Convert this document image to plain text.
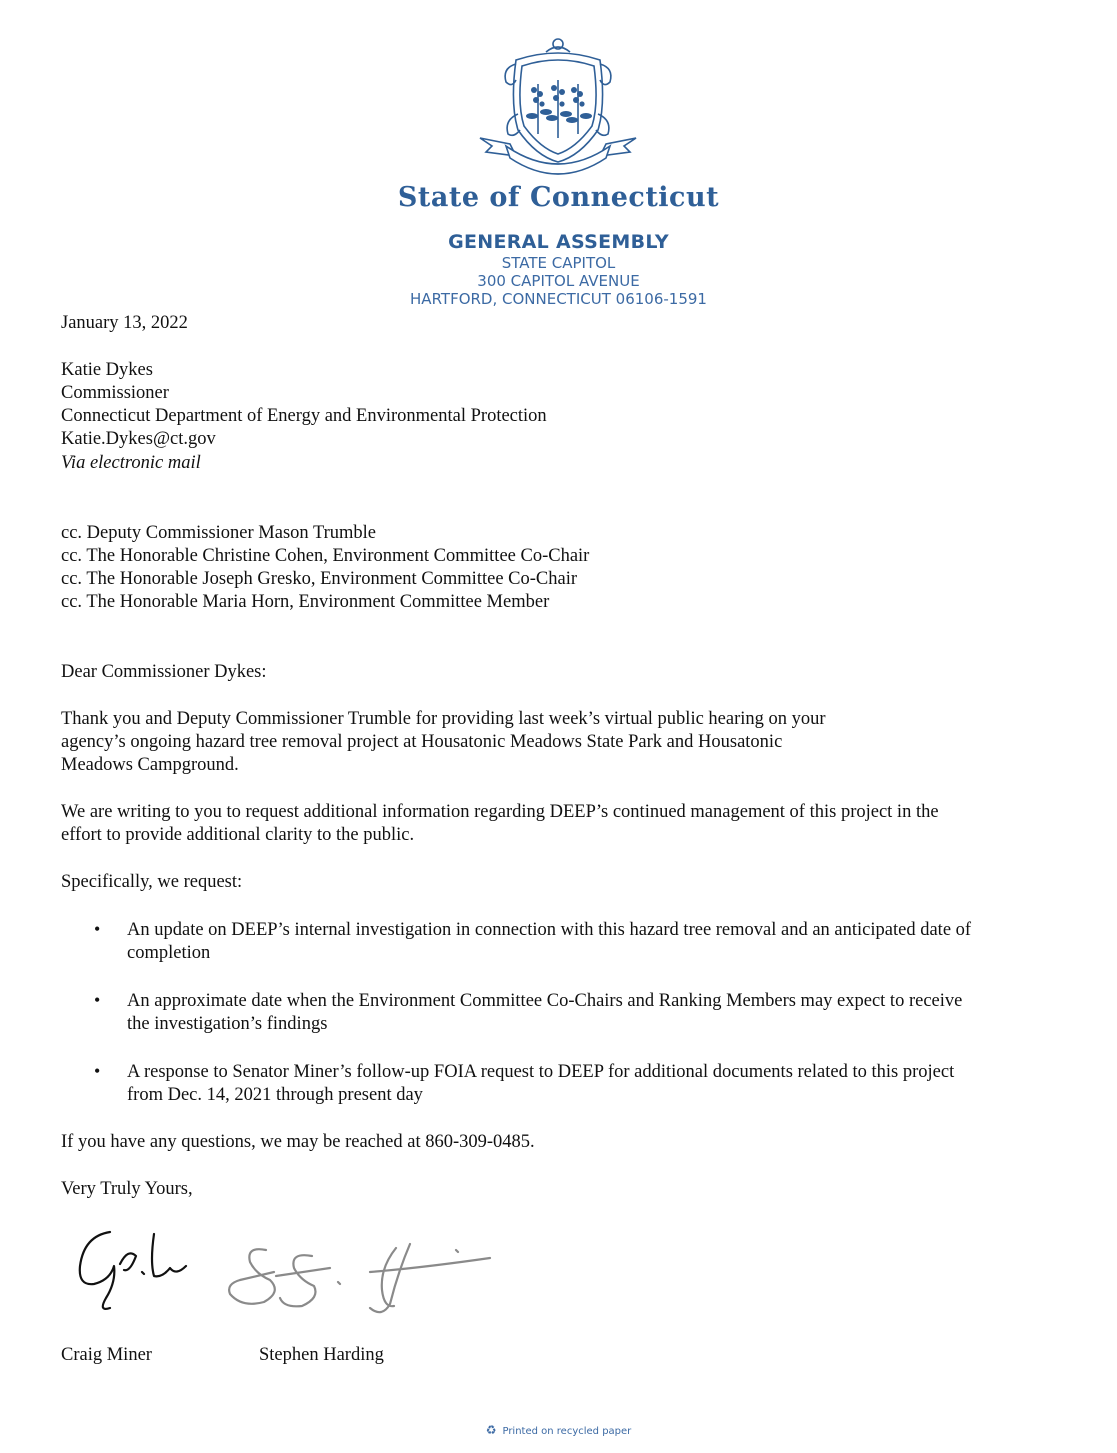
State of Connecticut
GENERAL ASSEMBLY
STATE CAPITOL
300 CAPITOL AVENUE
HARTFORD, CONNECTICUT 06106-1591
January 13, 2022
Katie Dykes
Commissioner
Connecticut Department of Energy and Environmental Protection
Katie.Dykes@ct.gov
Via electronic mail
cc. Deputy Commissioner Mason Trumble
cc. The Honorable Christine Cohen, Environment Committee Co-Chair
cc. The Honorable Joseph Gresko, Environment Committee Co-Chair
cc. The Honorable Maria Horn, Environment Committee Member
Dear Commissioner Dykes:
Thank you and Deputy Commissioner Trumble for providing last week’s virtual public hearing on your
agency’s ongoing hazard tree removal project at Housatonic Meadows State Park and Housatonic
Meadows Campground.
We are writing to you to request additional information regarding DEEP’s continued management of this project in the
effort to provide additional clarity to the public.
Specifically, we request:
• An update on DEEP’s internal investigation in connection with this hazard tree removal and an anticipated date of
completion
• An approximate date when the Environment Committee Co-Chairs and Ranking Members may expect to receive
the investigation’s findings
• A response to Senator Miner’s follow-up FOIA request to DEEP for additional documents related to this project
from Dec. 14, 2021 through present day
If you have any questions, we may be reached at 860-309-0485.
Very Truly Yours,
Craig Miner	Stephen Harding
♻ Printed on recycled paper
